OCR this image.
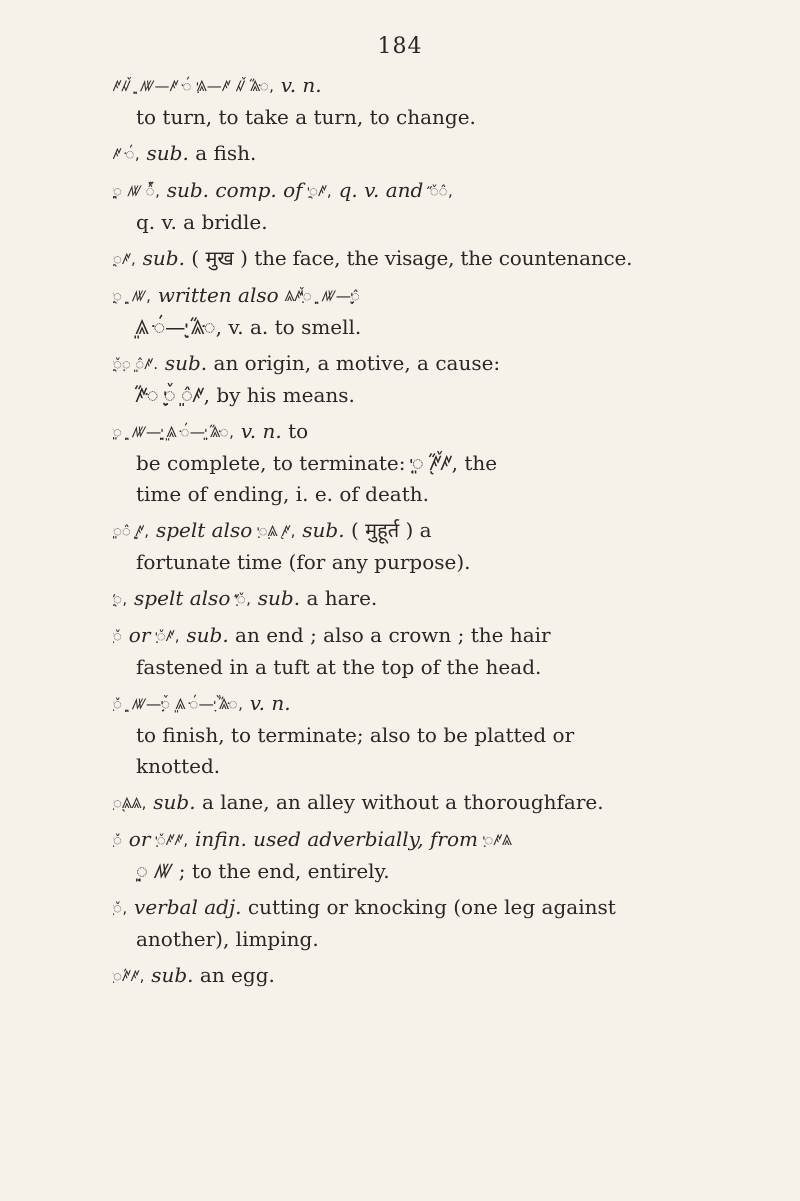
184
ꥆꥂꥑ ꥍꥈ ꥄ—ꥆ ꥏꥇ ꥃꥋ—ꥆ ꥂꥑ ꥃꥐꥇ, v. n.
to turn, to take a turn, to change.
ꥆ ꥏꥇ, sub. a fish.
ꥋꥌꥍ ꥄ ꥐꥑꥊ, sub. comp. of ꥋꥌꥆ, q. v. and ꥐꥑꥊ,
q. v. a bridle.
ꥋꥌꥆ, sub. ( मुख ) the face, the visage, the countenance.
ꥋꥌꥋ ꥍꥈ ꥄ, written also ꥃꥆꥑꥋ ꥍꥈ ꥄ—ꥋꥌꥊꥈ
ꥃꥍ ꥏꥇ—ꥋꥌꥋ ꥃꥐꥇ, v. a. to smell.
ꥋꥌꥑꥈ ꥍꥊꥆ. sub. an origin, a motive, a cause:
ꥆꥐꥇ ꥋꥌꥑꥈ ꥍꥊꥆ, by his means.
ꥋꥍ ꥍꥈ ꥄ—ꥋꥍꥈ ꥃꥍ ꥏꥇ—ꥋꥍ ꥃꥐꥇ, v. n. to
be complete, to terminate: ꥋꥍ ꥆꥌꥑꥐꥆ, the
time of ending, i. e. of death.
ꥋꥍꥊ ꥍꥌꥆ, spelt also ꥋꥃꥈ ꥌꥆ, sub. ( मुहूर्त ) a
fortunate time (for any purpose).
ꥋꥌꥐ, spelt also ꥋꥑꥐ, sub. a hare.
ꥋꥑ or ꥋꥑꥆ, sub. an end ; also a crown ; the hair
fastened in a tuft at the top of the head.
ꥋꥑ ꥍꥈ ꥄ—ꥋꥑꥈ ꥃꥍ ꥏꥇ—ꥋꥑ ꥃꥐꥇ, v. n.
to finish, to terminate; also to be platted or
knotted.
ꥋꥃꥌꥃ, sub. a lane, an alley without a thoroughfare.
ꥋꥑ or ꥋꥑꥆꥆ, infin. used adverbially, from ꥋꥆꥃ
ꥍꥈ ꥄ ; to the end, entirely.
ꥋꥑ, verbal adj. cutting or knocking (one leg against
another), limping.
ꥋꥆꥏꥆ, sub. an egg.
